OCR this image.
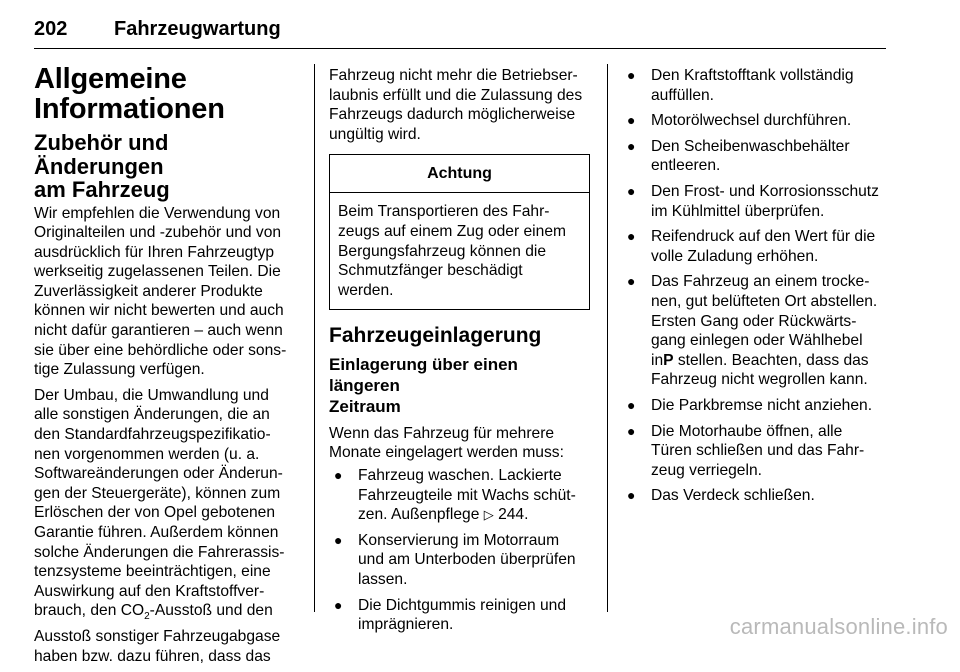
202 Fahrzeugwartung
Allgemeine
Informationen
Zubehör und Änderungen
am Fahrzeug

Wir empfehlen die Verwendung von
Originalteilen und -zubehör und von
ausdrücklich für Ihren Fahrzeugtyp
werkseitig zugelassenen Teilen. Die
Zuverlässigkeit anderer Produkte
können wir nicht bewerten und auch
nicht dafür garantieren – auch wenn
sie über eine behördliche oder sons-
tige Zulassung verfügen.

Der Umbau, die Umwandlung und
alle sonstigen Änderungen, die an
den Standardfahrzeugspezifikatio-
nen vorgenommen werden (u. a.
Softwareänderungen oder Änderun-
gen der Steuergeräte), können zum
Erlöschen der von Opel gebotenen
Garantie führen. Außerdem können
solche Änderungen die Fahrerassis-
tenzsysteme beeinträchtigen, eine
Auswirkung auf den Kraftstoffver-
brauch, den $CO_2$-Ausstoß und den
Ausstoß sonstiger Fahrzeugabgase
haben bzw. dazu führen, dass das

Fahrzeug nicht mehr die Betriebser-
laubnis erfüllt und die Zulassung des
Fahrzeugs dadurch möglicherweise
ungültig wird.

Achtung
Beim Transportieren des Fahr-
zeugs auf einem Zug oder einem
Bergungsfahrzeug können die
Schmutzfänger beschädigt
werden.
Fahrzeugeinlagerung
Einlagerung über einen längeren
Zeitraum

Wenn das Fahrzeug für mehrere
Monate eingelagert werden muss:

● Fahrzeug waschen. Lackierte
Fahrzeugteile mit Wachs schüt-
zen. Außenpflege ▷ 244.
● Konservierung im Motorraum
und am Unterboden überprüfen
lassen.
● Die Dichtgummis reinigen und
imprägnieren.
● Den Kraftstofftank vollständig
auffüllen.
● Motorölwechsel durchführen.
● Den Scheibenwaschbehälter
entleeren.
● Den Frost- und Korrosionsschutz
im Kühlmittel überprüfen.
● Reifendruck auf den Wert für die
volle Zuladung erhöhen.
● Das Fahrzeug an einem trocke-
nen, gut belüfteten Ort abstellen.
Ersten Gang oder Rückwärts-
gang einlegen oder Wählhebel inP stellen. Beachten, dass das
Fahrzeug nicht wegrollen kann.
● Die Parkbremse nicht anziehen.
● Die Motorhaube öffnen, alle
Türen schließen und das Fahr-
zeug verriegeln.
● Das Verdeck schließen.
carmanualsonline.info
